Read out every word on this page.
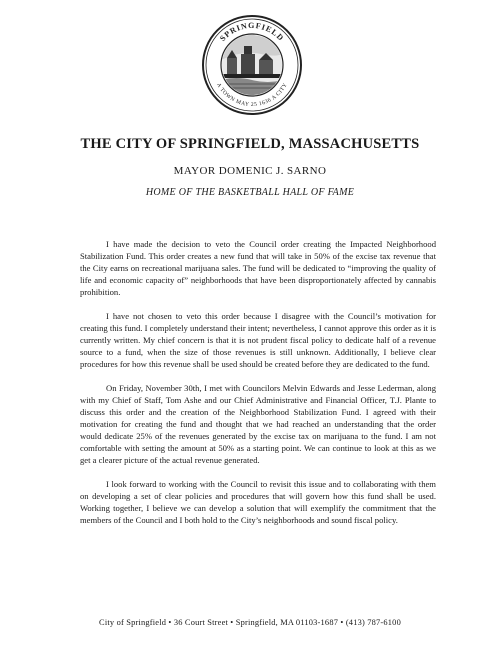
SPRINGFIELD
A TOWN MAY 25 1636 A CITY
THE CITY OF SPRINGFIELD, MASSACHUSETTS

MAYOR DOMENIC J. SARNO

HOME OF THE BASKETBALL HALL OF FAME

I have made the decision to veto the Council order creating the Impacted Neighborhood Stabilization Fund. This order creates a new fund that will take in 50% of the excise tax revenue that the City earns on recreational marijuana sales. The fund will be dedicated to “improving the quality of life and economic capacity of” neighborhoods that have been disproportionately affected by cannabis prohibition.

I have not chosen to veto this order because I disagree with the Council’s motivation for creating this fund. I completely understand their intent; nevertheless, I cannot approve this order as it is currently written. My chief concern is that it is not prudent fiscal policy to dedicate half of a revenue source to a fund, when the size of those revenues is still unknown. Additionally, I believe clear procedures for how this revenue shall be used should be created before they are dedicated to the fund.

On Friday, November 30th, I met with Councilors Melvin Edwards and Jesse Lederman, along with my Chief of Staff, Tom Ashe and our Chief Administrative and Financial Officer, T.J. Plante to discuss this order and the creation of the Neighborhood Stabilization Fund. I agreed with their motivation for creating the fund and thought that we had reached an understanding that the order would dedicate 25% of the revenues generated by the excise tax on marijuana to the fund. I am not comfortable with setting the amount at 50% as a starting point. We can continue to look at this as we get a clearer picture of the actual revenue generated.

I look forward to working with the Council to revisit this issue and to collaborating with them on developing a set of clear policies and procedures that will govern how this fund shall be used. Working together, I believe we can develop a solution that will exemplify the commitment that the members of the Council and I both hold to the City’s neighborhoods and sound fiscal policy.

City of Springfield • 36 Court Street • Springfield, MA 01103-1687 • (413) 787-6100
